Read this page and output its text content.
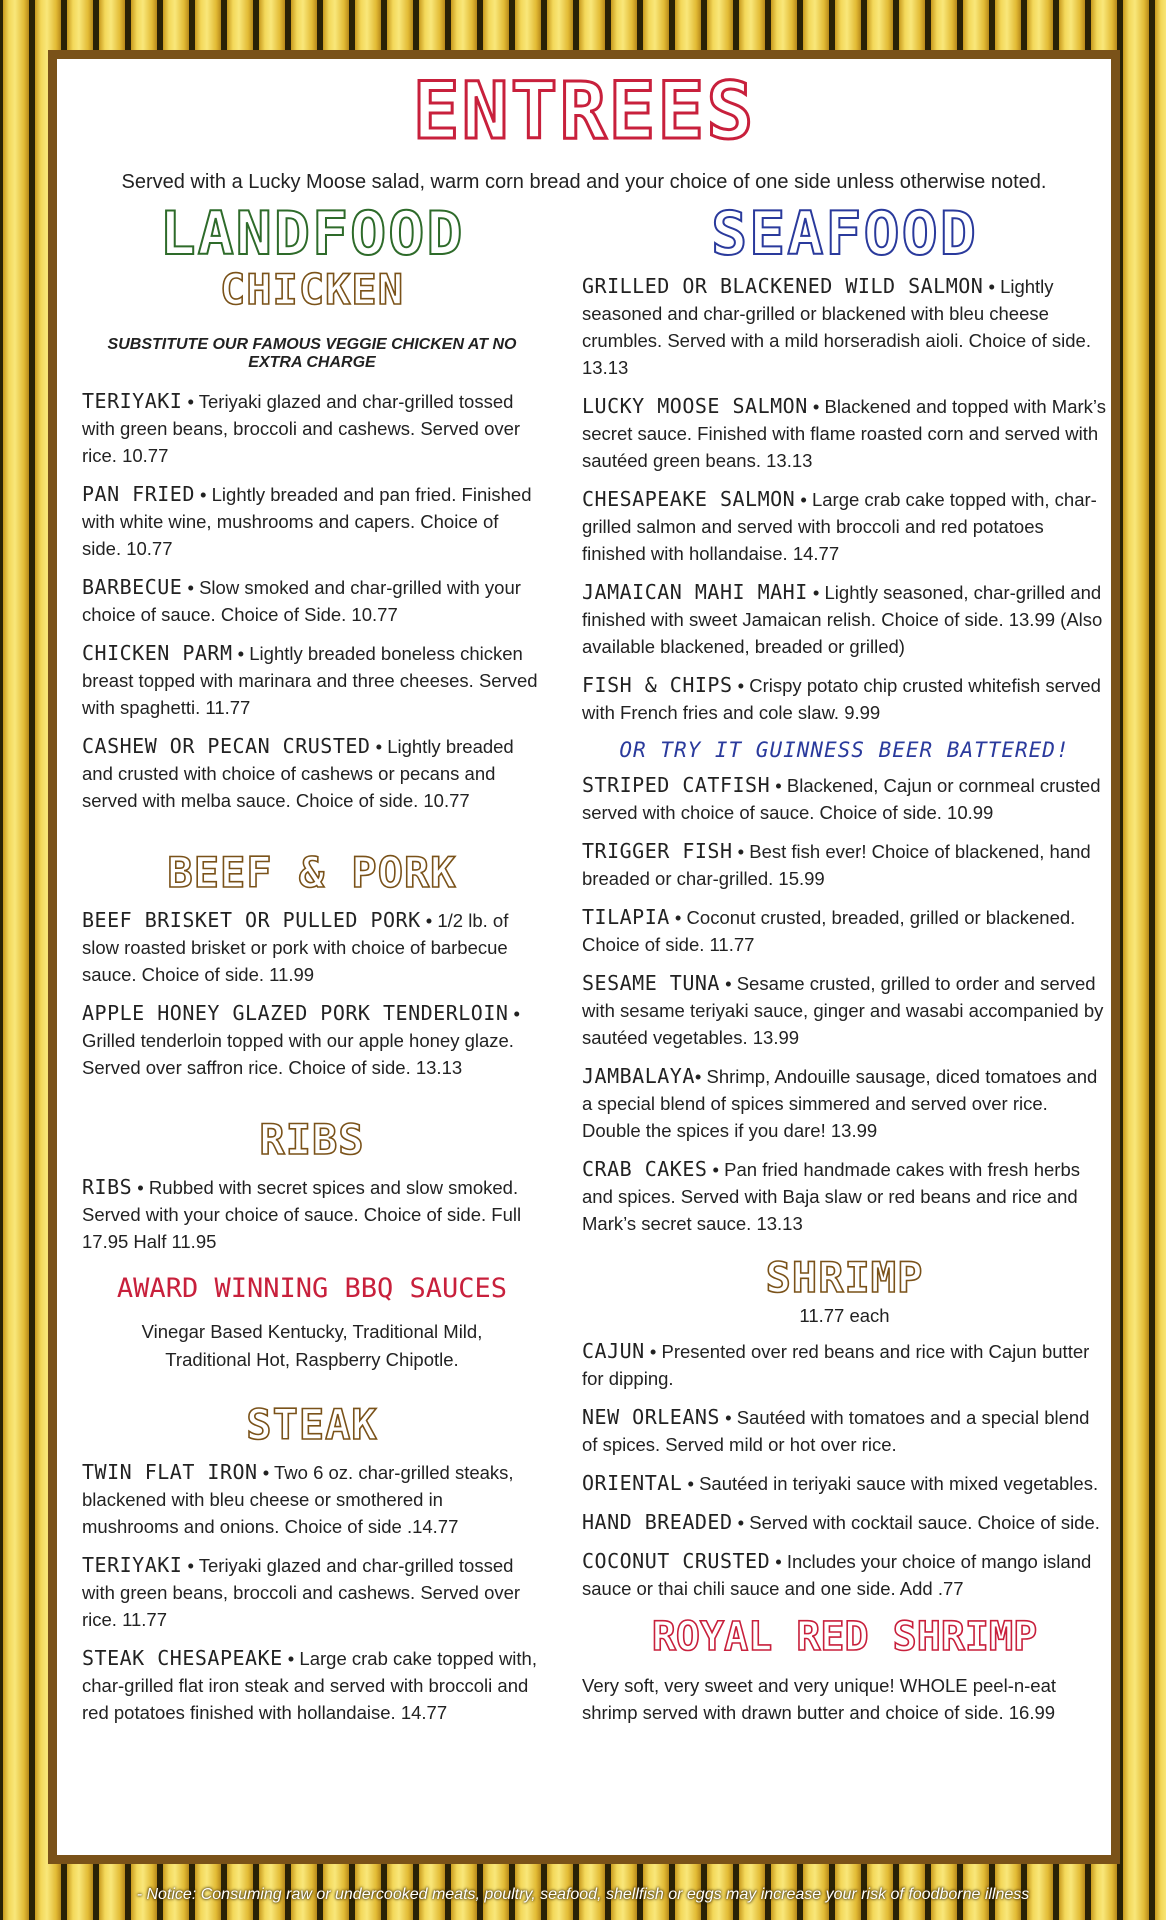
ENTREES
Served with a Lucky Moose salad, warm corn bread and your choice of one side unless otherwise noted.
LANDFOOD
CHICKEN
SUBSTITUTE OUR FAMOUS VEGGIE CHICKEN AT NO EXTRA CHARGE

TERIYAKI • Teriyaki glazed and char-grilled tossed with green beans, broccoli and cashews. Served over rice. 10.77

PAN FRIED • Lightly breaded and pan fried. Finished with white wine, mushrooms and capers. Choice of side. 10.77

BARBECUE • Slow smoked and char-grilled with your choice of sauce. Choice of Side. 10.77

CHICKEN PARM • Lightly breaded boneless chicken breast topped with marinara and three cheeses. Served with spaghetti. 11.77

CASHEW OR PECAN CRUSTED • Lightly breaded and crusted with choice of cashews or pecans and served with melba sauce. Choice of side. 10.77

BEEF & PORK

BEEF BRISKET OR PULLED PORK • 1/2 lb. of slow roasted brisket or pork with choice of barbecue sauce. Choice of side. 11.99

APPLE HONEY GLAZED PORK TENDERLOIN • Grilled tenderloin topped with our apple honey glaze. Served over saffron rice. Choice of side. 13.13

RIBS

RIBS • Rubbed with secret spices and slow smoked. Served with your choice of sauce. Choice of side. Full 17.95 Half 11.95

AWARD WINNING BBQ SAUCES
Vinegar Based Kentucky, Traditional Mild, Traditional Hot, Raspberry Chipotle.
STEAK

TWIN FLAT IRON • Two 6 oz. char-grilled steaks, blackened with bleu cheese or smothered in mushrooms and onions. Choice of side .14.77

TERIYAKI • Teriyaki glazed and char-grilled tossed with green beans, broccoli and cashews. Served over rice. 11.77

STEAK CHESAPEAKE • Large crab cake topped with, char-grilled flat iron steak and served with broccoli and red potatoes finished with hollandaise. 14.77

SEAFOOD

GRILLED OR BLACKENED WILD SALMON • Lightly seasoned and char-grilled or blackened with bleu cheese crumbles. Served with a mild horseradish aioli. Choice of side. 13.13

LUCKY MOOSE SALMON • Blackened and topped with Mark’s secret sauce. Finished with flame roasted corn and served with sautéed green beans. 13.13

CHESAPEAKE SALMON • Large crab cake topped with, char-grilled salmon and served with broccoli and red potatoes finished with hollandaise. 14.77

JAMAICAN MAHI MAHI • Lightly seasoned, char-grilled and finished with sweet Jamaican relish. Choice of side. 13.99 (Also available blackened, breaded or grilled)

FISH & CHIPS • Crispy potato chip crusted whitefish served with French fries and cole slaw. 9.99

OR TRY IT GUINNESS BEER BATTERED!

STRIPED CATFISH • Blackened, Cajun or cornmeal crusted served with choice of sauce. Choice of side. 10.99

TRIGGER FISH • Best fish ever! Choice of blackened, hand breaded or char-grilled. 15.99

TILAPIA • Coconut crusted, breaded, grilled or blackened. Choice of side. 11.77

SESAME TUNA • Sesame crusted, grilled to order and served with sesame teriyaki sauce, ginger and wasabi accompanied by sautéed vegetables. 13.99

JAMBALAYA• Shrimp, Andouille sausage, diced tomatoes and a special blend of spices simmered and served over rice. Double the spices if you dare! 13.99

CRAB CAKES • Pan fried handmade cakes with fresh herbs and spices. Served with Baja slaw or red beans and rice and Mark’s secret sauce. 13.13

SHRIMP
11.77 each

CAJUN • Presented over red beans and rice with Cajun butter for dipping.

NEW ORLEANS • Sautéed with tomatoes and a special blend of spices. Served mild or hot over rice.

ORIENTAL • Sautéed in teriyaki sauce with mixed vegetables.

HAND BREADED • Served with cocktail sauce. Choice of side.

COCONUT CRUSTED • Includes your choice of mango island sauce or thai chili sauce and one side. Add .77

ROYAL RED SHRIMP

Very soft, very sweet and very unique! WHOLE peel-n-eat shrimp served with drawn butter and choice of side. 16.99

- Notice: Consuming raw or undercooked meats, poultry, seafood, shellfish or eggs may increase your risk of foodborne illness
